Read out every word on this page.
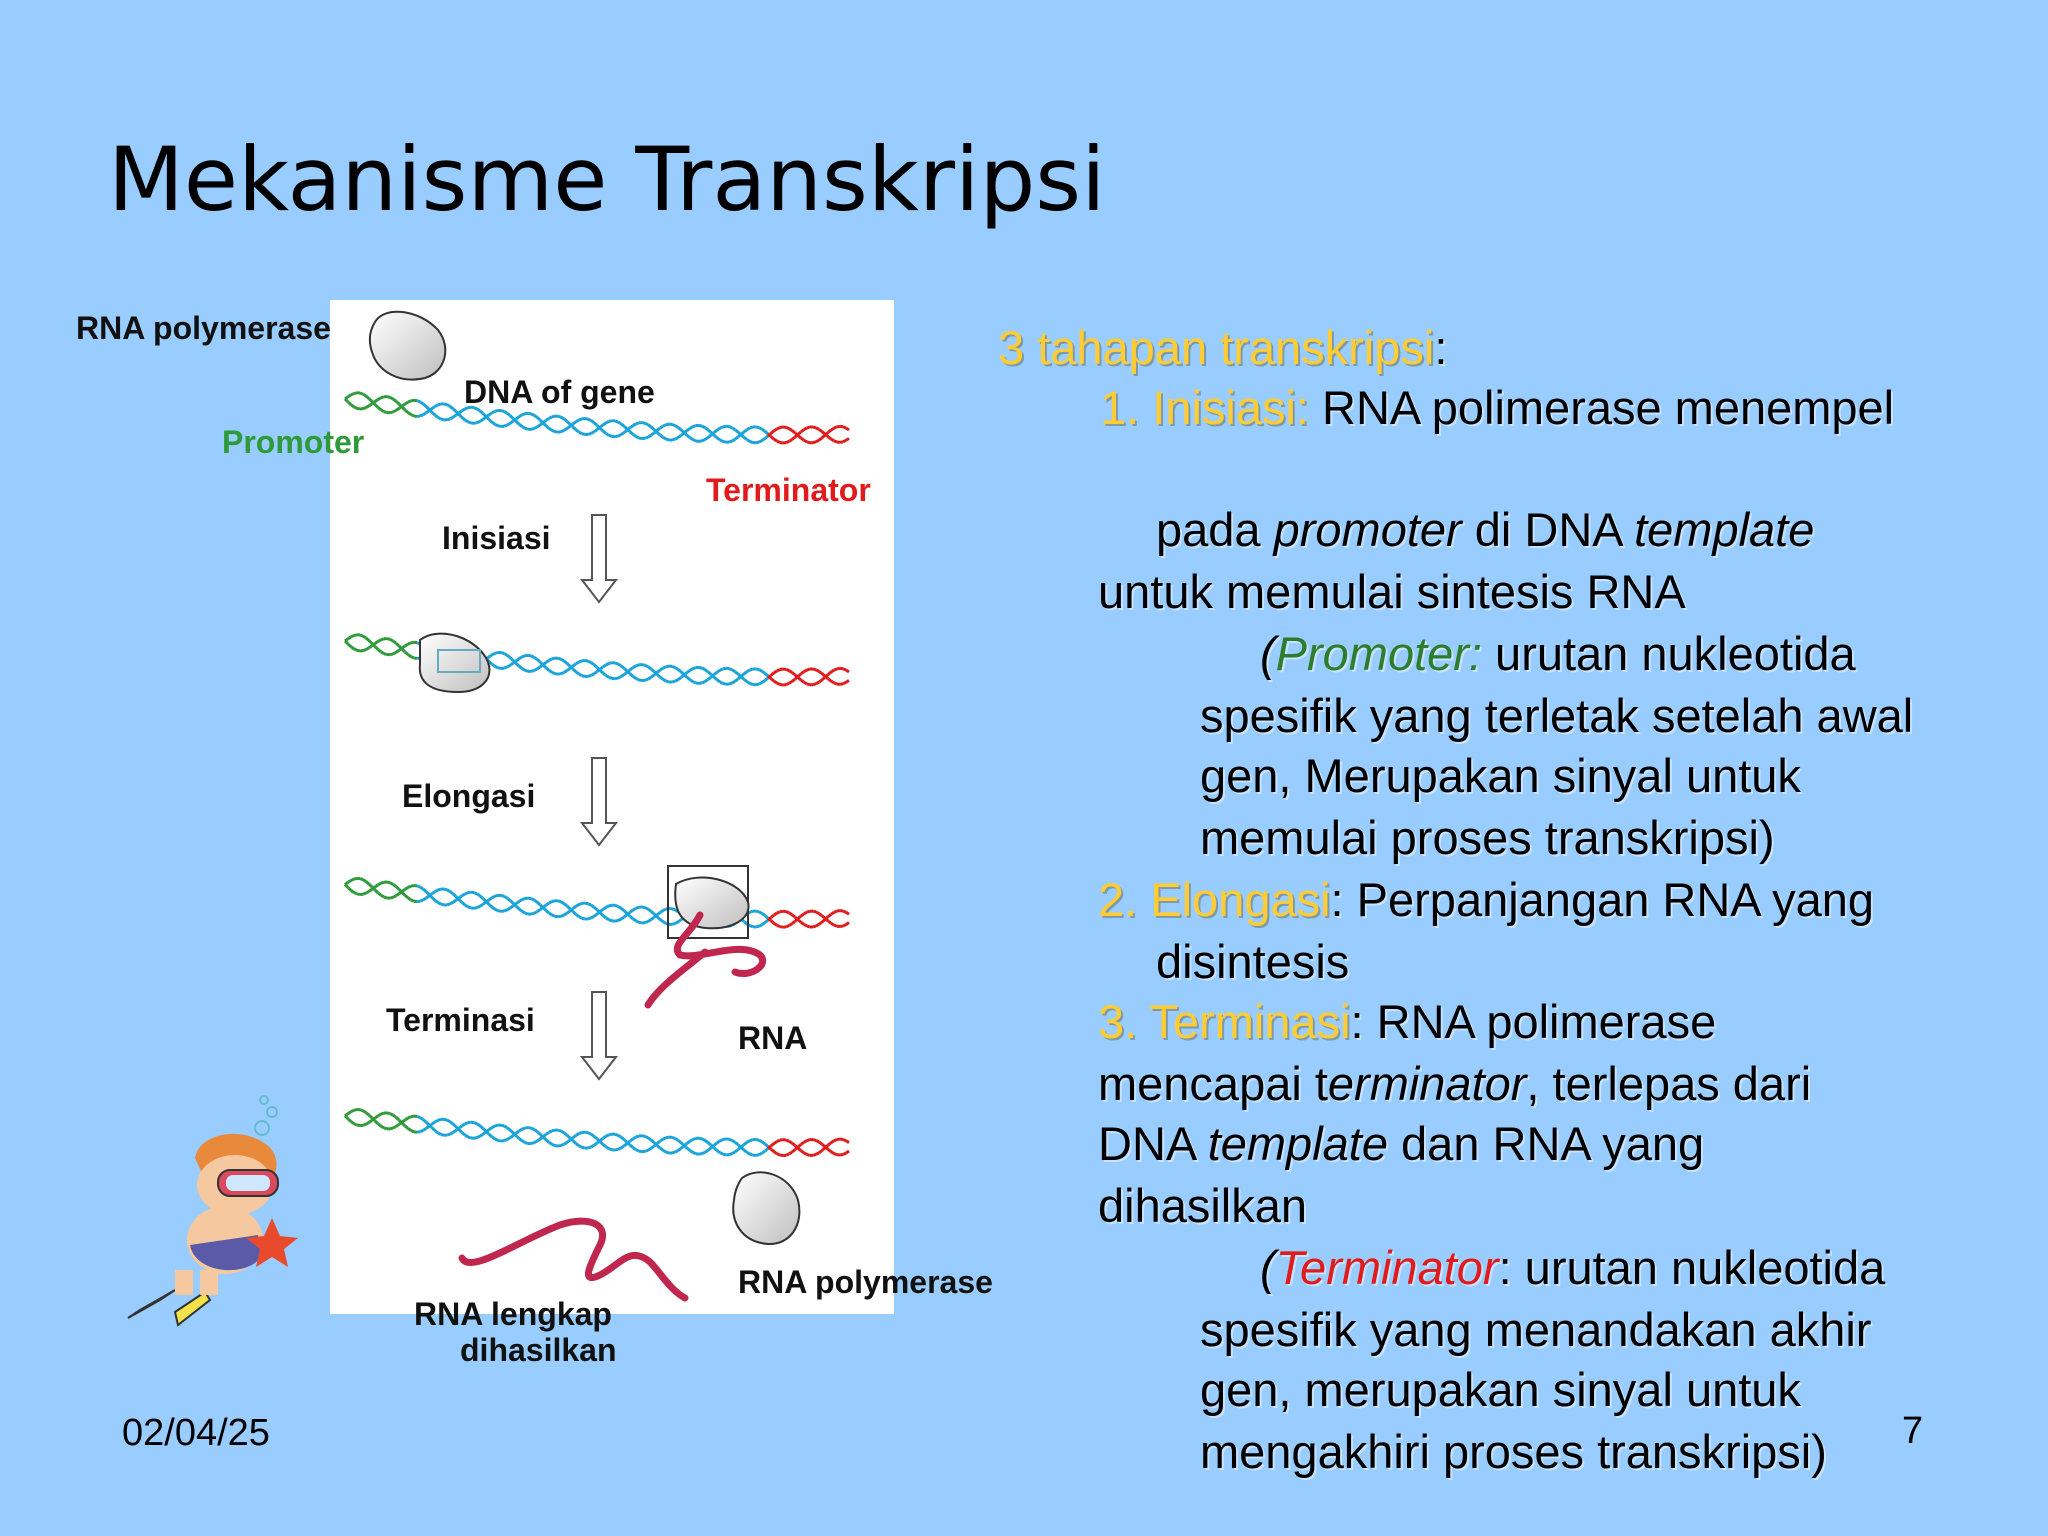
Mekanisme Transkripsi
RNA polymerase
DNA of gene
Promoter
Terminator
Inisiasi
Elongasi
Terminasi	RNA
RNA lengkap
dihasilkan
RNA polymerase
3 tahapan transkripsi:
1. Inisiasi: RNA polimerase menempel
pada promoter di DNA template
untuk memulai sintesis RNA
(Promoter: urutan nukleotida
spesifik yang terletak setelah awal
gen, Merupakan sinyal untuk
memulai proses transkripsi)
2. Elongasi: Perpanjangan RNA yang
disintesis
3. Terminasi: RNA polimerase
mencapai terminator, terlepas dari
DNA template dan RNA yang
dihasilkan
(Terminator: urutan nukleotida
spesifik yang menandakan akhir
gen, merupakan sinyal untuk
mengakhiri proses transkripsi)
02/04/25	7
